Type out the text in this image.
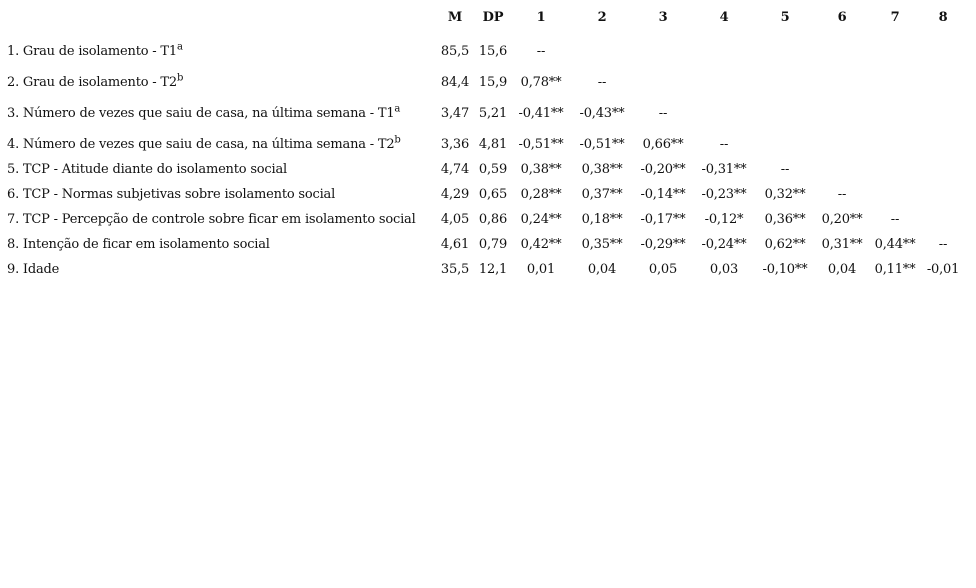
	M	DP	1	2	3	4	5	6	7	8
1. Grau de isolamento - T1$^a$	85,5	15,6	--							
2. Grau de isolamento - T2$^b$	84,4	15,9	0,78**	--						
3. Número de vezes que saiu de casa, na última semana - T1$^a$	3,47	5,21	-0,41**	-0,43**	--					
4. Número de vezes que saiu de casa, na última semana - T2$^b$	3,36	4,81	-0,51**	-0,51**	0,66**	--				
5. TCP - Atitude diante do isolamento social	4,74	0,59	0,38**	0,38**	-0,20**	-0,31**	--			
6. TCP - Normas subjetivas sobre isolamento social	4,29	0,65	0,28**	0,37**	-0,14**	-0,23**	0,32**	--		
7. TCP - Percepção de controle sobre ficar em isolamento social	4,05	0,86	0,24**	0,18**	-0,17**	-0,12*	0,36**	0,20**	--	
8. Intenção de ficar em isolamento social	4,61	0,79	0,42**	0,35**	-0,29**	-0,24**	0,62**	0,31**	0,44**	--
9. Idade	35,5	12,1	0,01	0,04	0,05	0,03	-0,10**	0,04	0,11**	-0,01
